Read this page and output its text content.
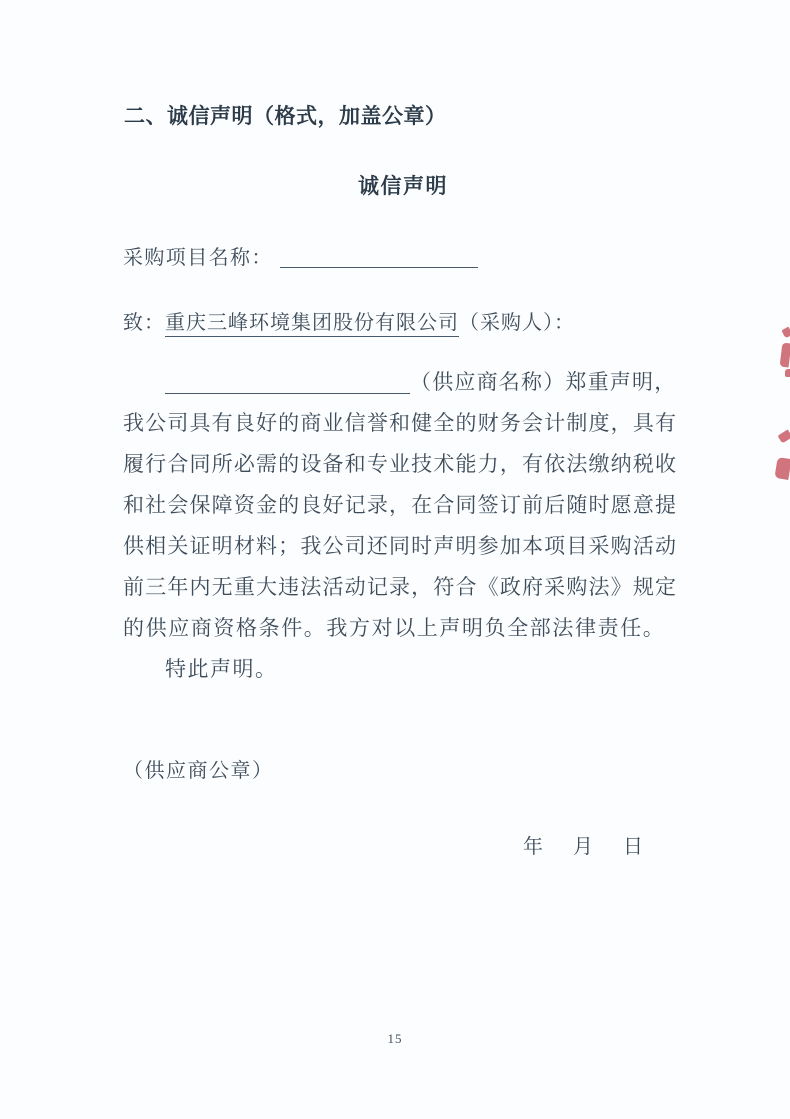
二、诚信声明（格式，加盖公章）
诚信声明
采购项目名称：
致：重庆三峰环境集团股份有限公司（采购人）：
（供应商名称）郑重声明，
我公司具有良好的商业信誉和健全的财务会计制度，具有
履行合同所必需的设备和专业技术能力，有依法缴纳税收
和社会保障资金的良好记录，在合同签订前后随时愿意提
供相关证明材料；我公司还同时声明参加本项目采购活动
前三年内无重大违法活动记录，符合《政府采购法》规定
的供应商资格条件。我方对以上声明负全部法律责任。
特此声明。
（供应商公章）
年 月 日
15
